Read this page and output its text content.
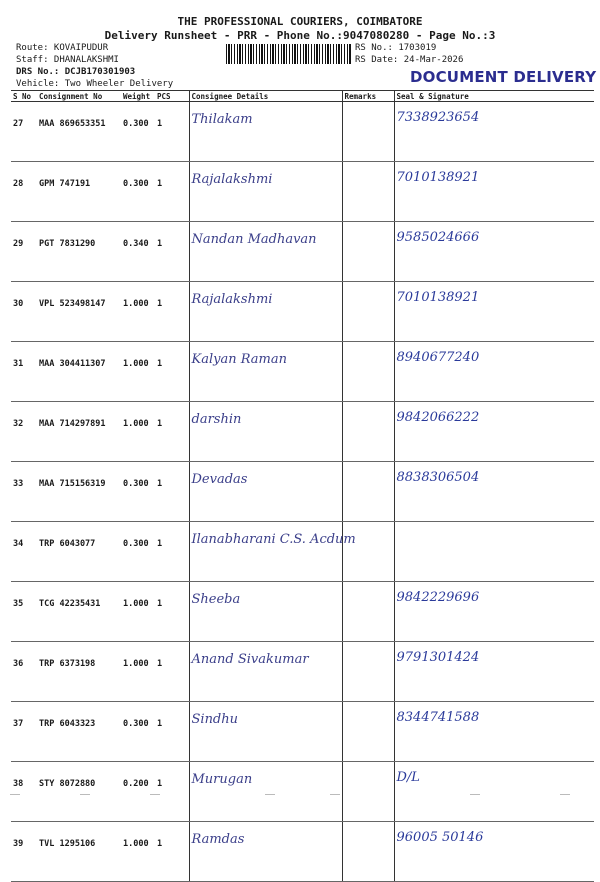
THE PROFESSIONAL COURIERS, COIMBATORE
Delivery Runsheet - PRR - Phone No.:9047080280 - Page No.:3
Route: KOVAIPUDUR
Staff: DHANALAKSHMI
DRS No.: DCJB170301903
Vehicle: Two Wheeler Delivery
RS No.: 1703019
RS Date: 24-Mar-2026
DOCUMENT DELIVERY
S No	Consignment No	Weight	PCS	Consignee Details	Remarks	Seal & Signature
27	MAA 869653351	0.300	1	Thilakam		7338923654
28	GPM 747191	0.300	1	Rajalakshmi		7010138921
29	PGT 7831290	0.340	1	Nandan Madhavan		9585024666
30	VPL 523498147	1.000	1	Rajalakshmi		7010138921
31	MAA 304411307	1.000	1	Kalyan Raman		8940677240
32	MAA 714297891	1.000	1	darshin		9842066222
33	MAA 715156319	0.300	1	Devadas		8838306504
34	TRP 6043077	0.300	1	Ilanabharani C.S. Acdum		
35	TCG 42235431	1.000	1	Sheeba		9842229696
36	TRP 6373198	1.000	1	Anand Sivakumar		9791301424
37	TRP 6043323	0.300	1	Sindhu		8344741588
38	STY 8072880	0.200	1	Murugan		D/L
39	TVL 1295106	1.000	1	Ramdas		96005 50146
